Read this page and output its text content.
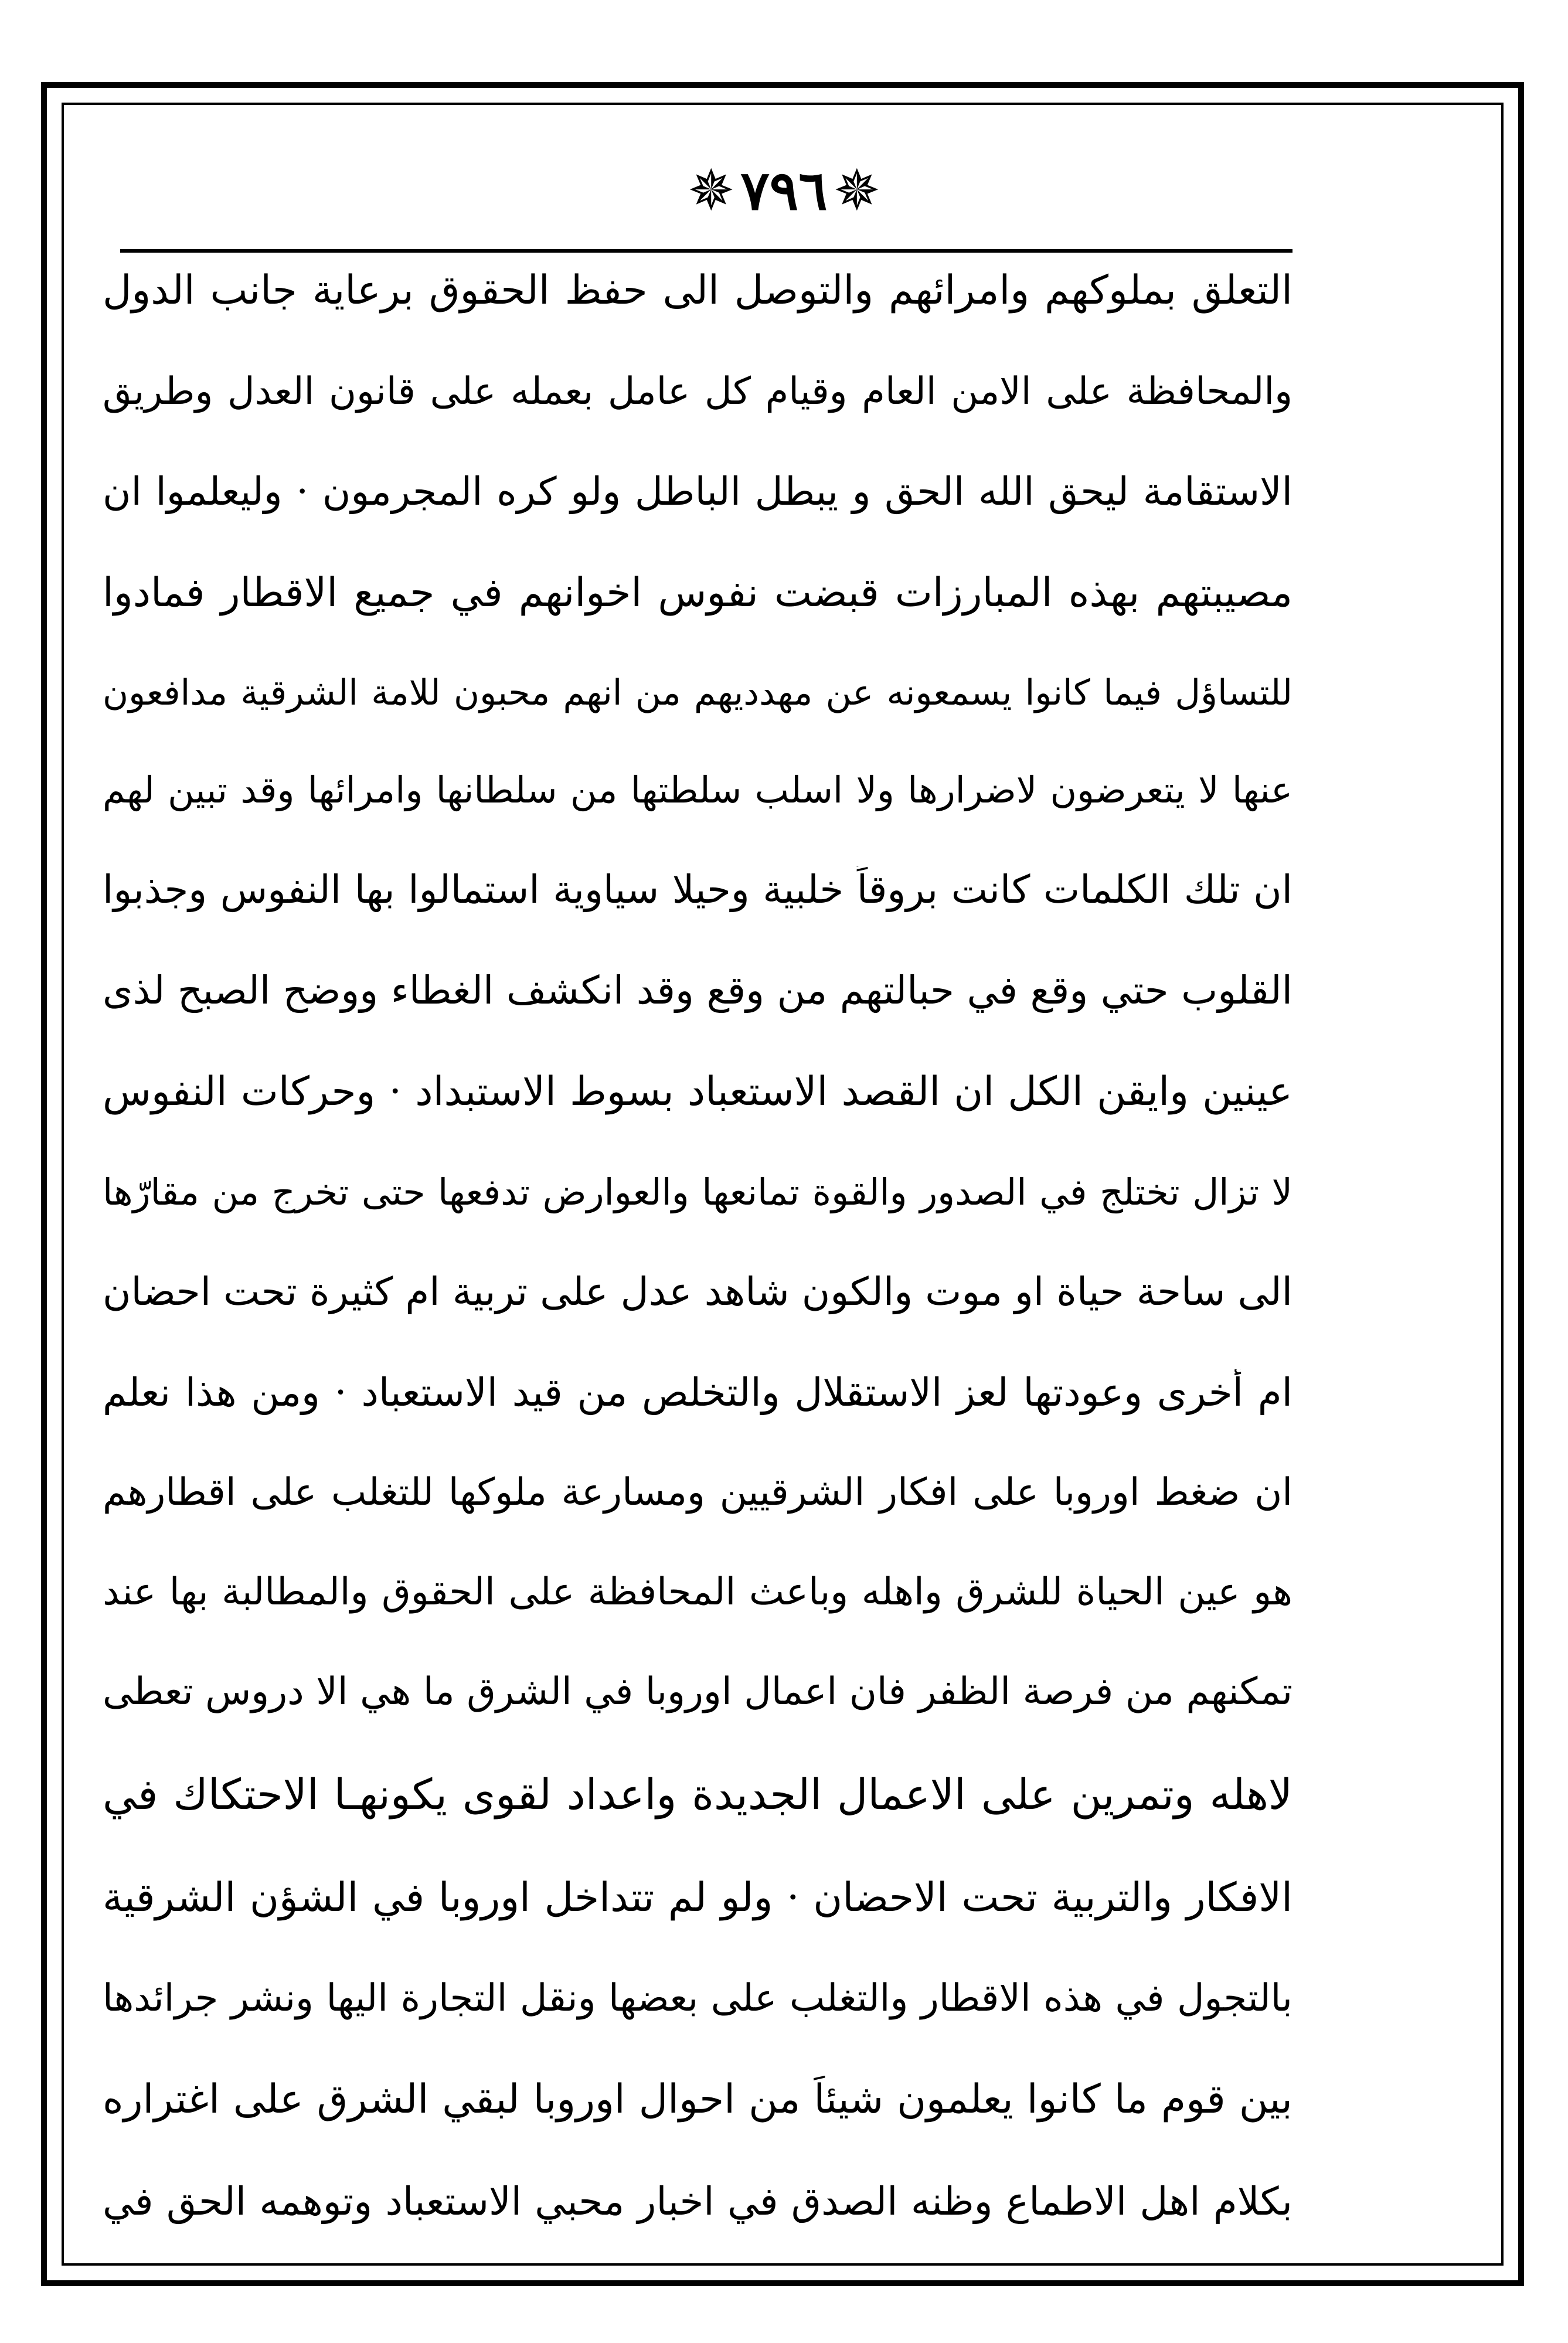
✵ ٧٩٦ ✵
التعلق بملوكهم وامرائهم والتوصل الى حفظ الحقوق برعاية جانب الدول
والمحافظة على الامن العام وقيام كل عامل بعمله على قانون العدل وطريق
الاستقامة ليحق الله الحق و يبطل الباطل ولو كره المجرمون · وليعلموا ان
مصيبتهم بهذه المبارزات قبضت نفوس اخوانهم في جميع الاقطار فمادوا
للتساؤل فيما كانوا يسمعونه عن مهدديهم من انهم محبون للامة الشرقية مدافعون
عنها لا يتعرضون لاضرارها ولا اسلب سلطتها من سلطانها وامرائها وقد تبين لهم
ان تلك الكلمات كانت بروقاً خلبية وحيلا سياوية استمالوا بها النفوس وجذبوا
القلوب حتي وقع في حبالتهم من وقع وقد انكشف الغطاء ووضح الصبح لذى
عينين وايقن الكل ان القصد الاستعباد بسوط الاستبداد · وحركات النفوس
لا تزال تختلج في الصدور والقوة تمانعها والعوارض تدفعها حتى تخرج من مقارّها
الى ساحة حياة او موت والكون شاهد عدل على تربية ام كثيرة تحت احضان
ام أُخرى وعودتها لعز الاستقلال والتخلص من قيد الاستعباد · ومن هذا نعلم
ان ضغط اوروبا على افكار الشرقيين ومسارعة ملوكها للتغلب على اقطارهم
هو عين الحياة للشرق واهله وباعث المحافظة على الحقوق والمطالبة بها عند
تمكنهم من فرصة الظفر فان اعمال اوروبا في الشرق ما هي الا دروس تعطى
لاهله وتمرين على الاعمال الجديدة واعداد لقوى يكونهـا الاحتكاك في
الافكار والتربية تحت الاحضان · ولو لم تتداخل اوروبا في الشؤن الشرقية
بالتجول في هذه الاقطار والتغلب على بعضها ونقل التجارة اليها ونشر جرائدها
بين قوم ما كانوا يعلمون شيئاً من احوال اوروبا لبقي الشرق على اغتراره
بكلام اهل الاطماع وظنه الصدق في اخبار محبي الاستعباد وتوهمه الحق في
